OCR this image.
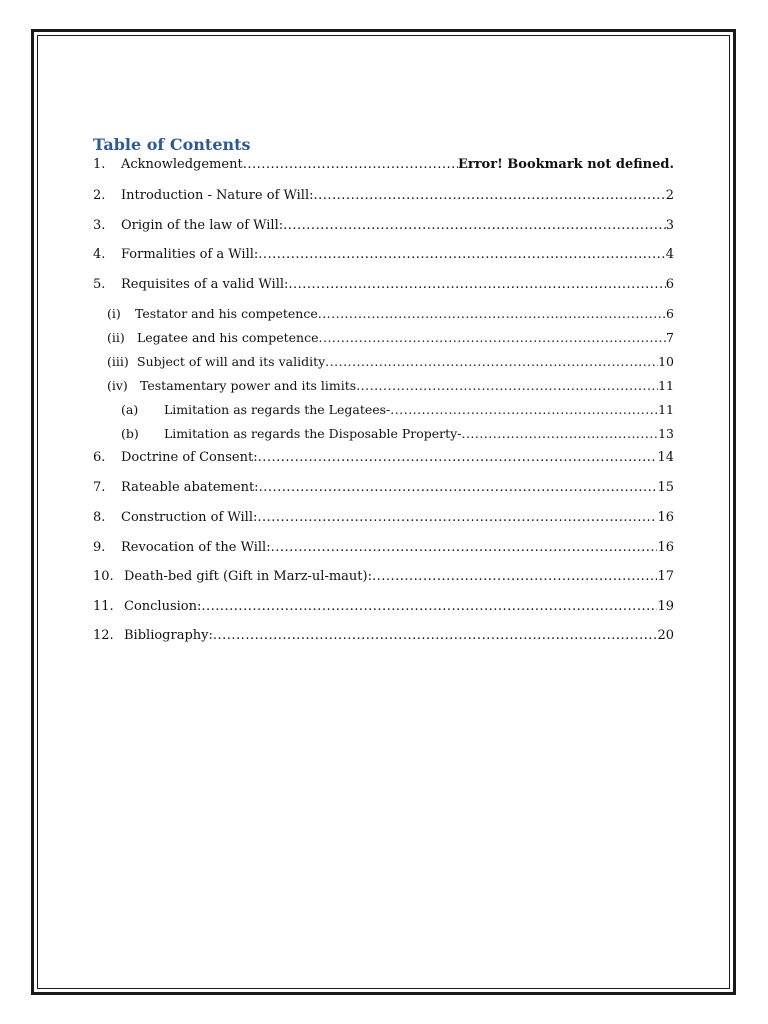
Table of Contents
1.	Acknowledgement .....	Error! Bookmark not defined.
2.	Introduction - Nature of Will: .....	2
3.	Origin of the law of Will: .....	3
4.	Formalities of a Will: .....	4
5.	Requisites of a valid Will: .....	6
(i)	Testator and his competence .....	6
(ii) Legatee and his competence .....	7
(iii) Subject of will and its validity .....	10
(iv) Testamentary power and its limits .....	11
(a)	Limitation as regards the Legatees- .....	11
(b)	Limitation as regards the Disposable Property- .....	13
6.	Doctrine of Consent: .....	14
7.	Rateable abatement: .....	15
8.	Construction of Will: .....	16
9.	Revocation of the Will: .....	16
10. Death-bed gift (Gift in Marz-ul-maut): .....	17
11. Conclusion: .....	19
12. Bibliography: .....	20
